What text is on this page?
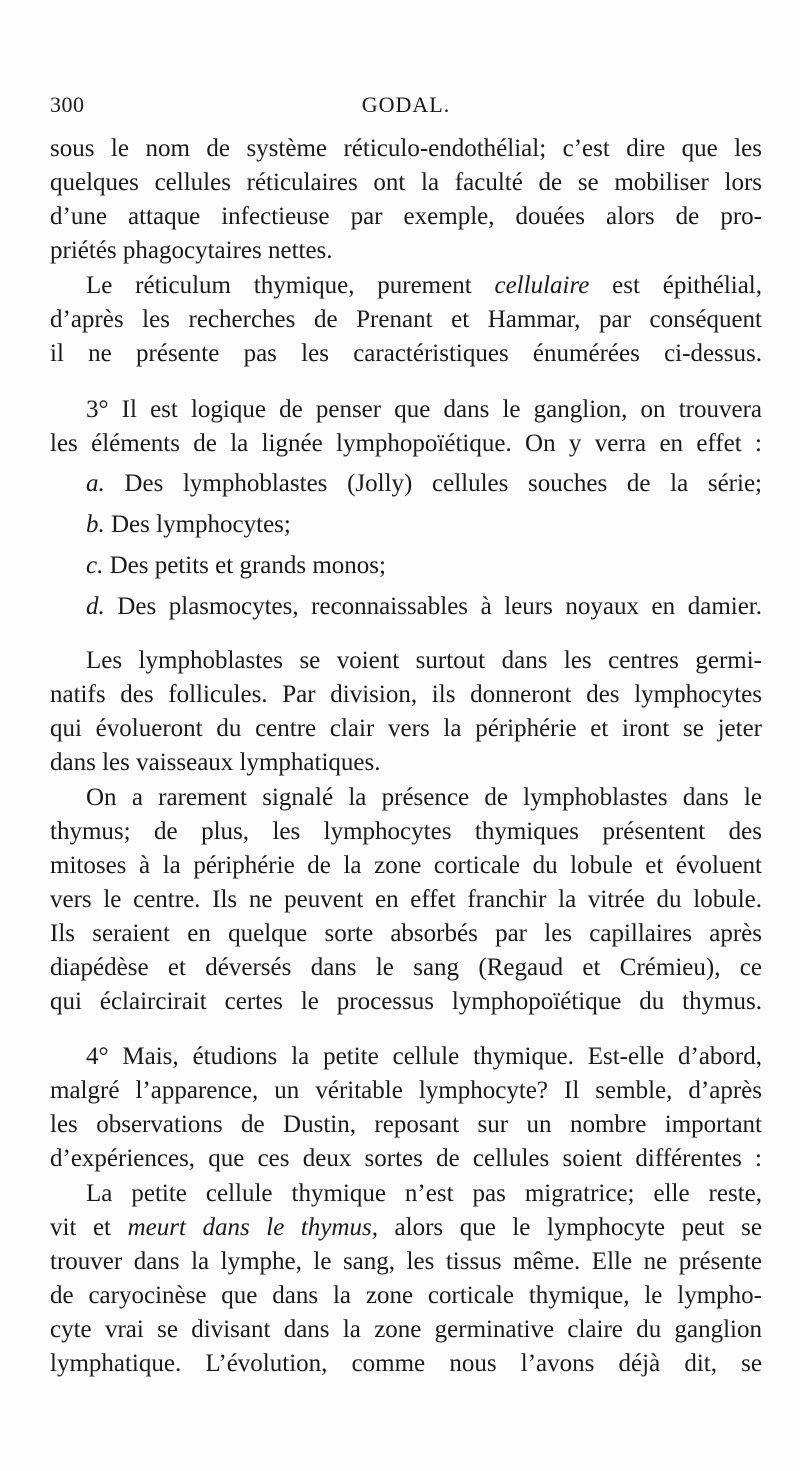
300	GODAL.
sous le nom de système réticulo-endothélial; c’est dire que les
quelques cellules réticulaires ont la faculté de se mobiliser lors
d’une attaque infectieuse par exemple, douées alors de pro-
priétés phagocytaires nettes.
Le réticulum thymique, purement cellulaire est épithélial,
d’après les recherches de Prenant et Hammar, par conséquent
il ne présente pas les caractéristiques énumérées ci-dessus.
3° Il est logique de penser que dans le ganglion, on trouvera
les éléments de la lignée lymphopoïétique. On y verra en effet :
a. Des lymphoblastes (Jolly) cellules souches de la série;
b. Des lymphocytes;
c. Des petits et grands monos;
d. Des plasmocytes, reconnaissables à leurs noyaux en damier.
Les lymphoblastes se voient surtout dans les centres germi-
natifs des follicules. Par division, ils donneront des lymphocytes
qui évolueront du centre clair vers la périphérie et iront se jeter
dans les vaisseaux lymphatiques.
On a rarement signalé la présence de lymphoblastes dans le
thymus; de plus, les lymphocytes thymiques présentent des
mitoses à la périphérie de la zone corticale du lobule et évoluent
vers le centre. Ils ne peuvent en effet franchir la vitrée du lobule.
Ils seraient en quelque sorte absorbés par les capillaires après
diapédèse et déversés dans le sang (Regaud et Crémieu), ce
qui éclaircirait certes le processus lymphopoïétique du thymus.
4° Mais, étudions la petite cellule thymique. Est-elle d’abord,
malgré l’apparence, un véritable lymphocyte? Il semble, d’après
les observations de Dustin, reposant sur un nombre important
d’expériences, que ces deux sortes de cellules soient différentes :
La petite cellule thymique n’est pas migratrice; elle reste,
vit et meurt dans le thymus, alors que le lymphocyte peut se
trouver dans la lymphe, le sang, les tissus même. Elle ne présente
de caryocinèse que dans la zone corticale thymique, le lympho-
cyte vrai se divisant dans la zone germinative claire du ganglion
lymphatique. L’évolution, comme nous l’avons déjà dit, se
